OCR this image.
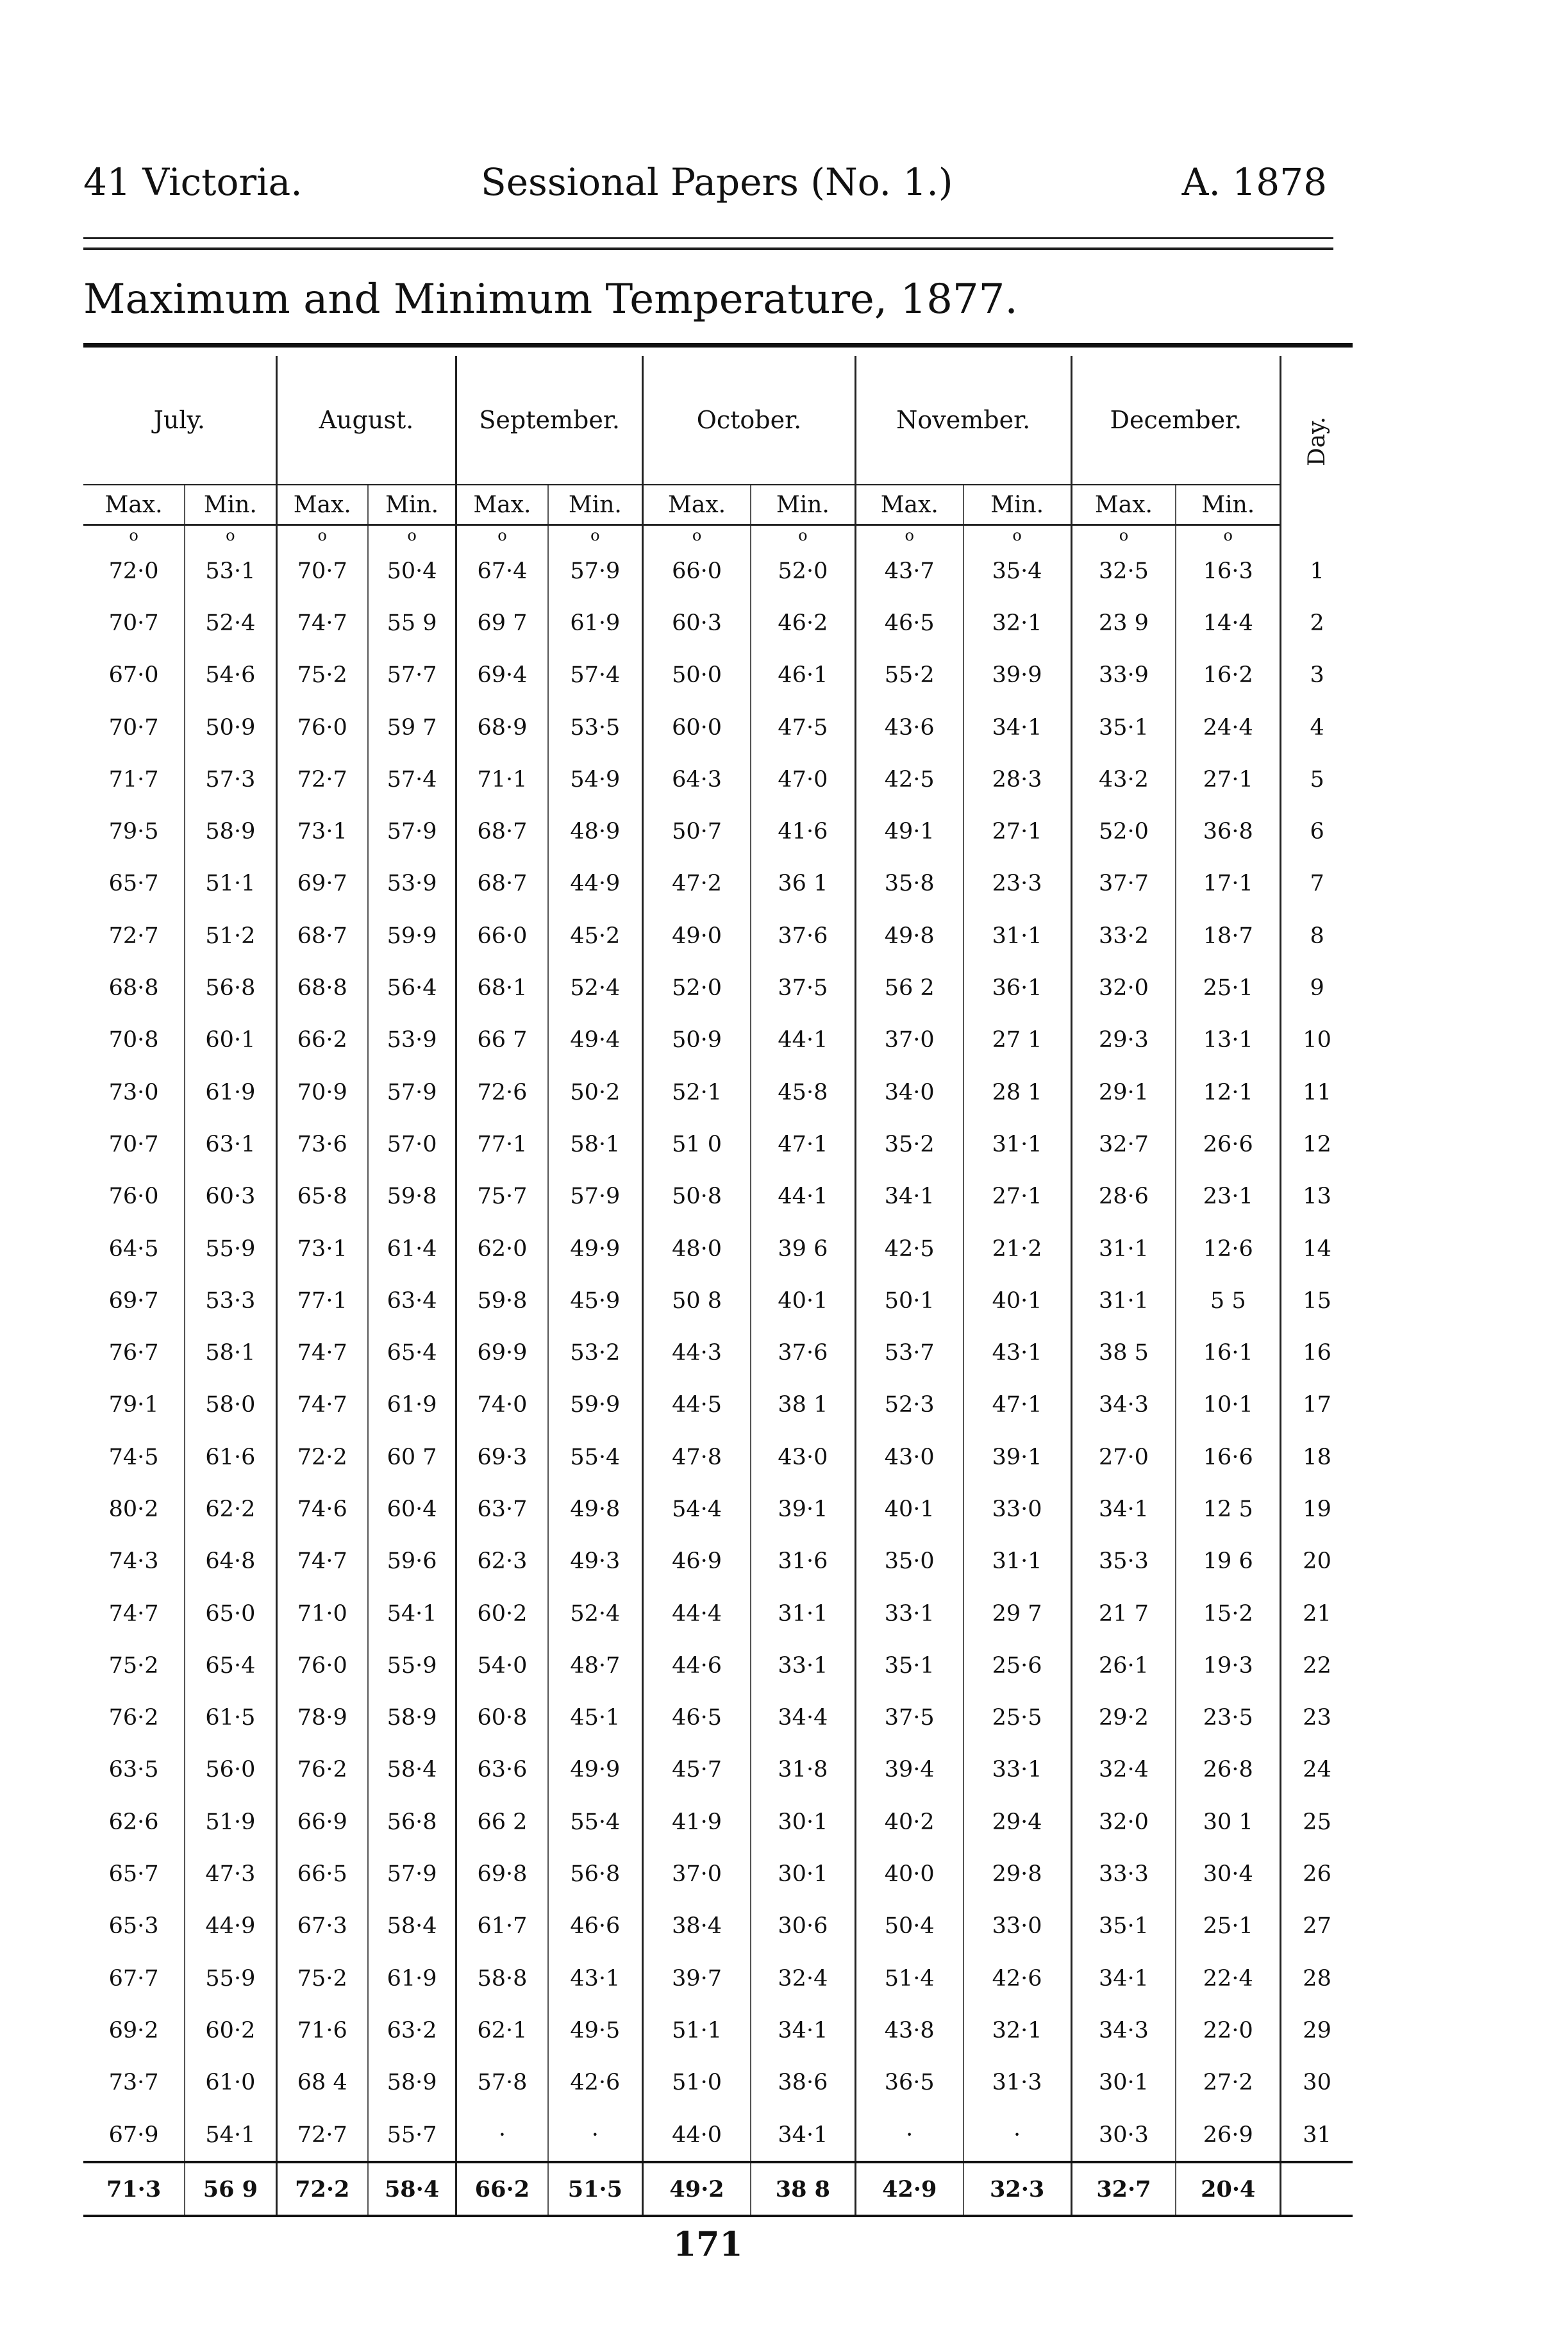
41 Victoria.	Sessional Papers (No. 1.)	A. 1878
Maximum and Minimum Temperature, 1877.
July.		August.		September.		October.		November.		December.		Day.
Max.	Min.	Max.	Min.	Max.	Min.	Max.	Min.	Max.	Min.	Max.	Min.	
o	o	o	o	o	o	o	o	o	o	o	o	
72·0	53·1	70·7	50·4	67·4	57·9	66·0	52·0	43·7	35·4	32·5	16·3	1
70·7	52·4	74·7	55 9	69 7	61·9	60·3	46·2	46·5	32·1	23 9	14·4	2
67·0	54·6	75·2	57·7	69·4	57·4	50·0	46·1	55·2	39·9	33·9	16·2	3
70·7	50·9	76·0	59 7	68·9	53·5	60·0	47·5	43·6	34·1	35·1	24·4	4
71·7	57·3	72·7	57·4	71·1	54·9	64·3	47·0	42·5	28·3	43·2	27·1	5
79·5	58·9	73·1	57·9	68·7	48·9	50·7	41·6	49·1	27·1	52·0	36·8	6
65·7	51·1	69·7	53·9	68·7	44·9	47·2	36 1	35·8	23·3	37·7	17·1	7
72·7	51·2	68·7	59·9	66·0	45·2	49·0	37·6	49·8	31·1	33·2	18·7	8
68·8	56·8	68·8	56·4	68·1	52·4	52·0	37·5	56 2	36·1	32·0	25·1	9
70·8	60·1	66·2	53·9	66 7	49·4	50·9	44·1	37·0	27 1	29·3	13·1	10
73·0	61·9	70·9	57·9	72·6	50·2	52·1	45·8	34·0	28 1	29·1	12·1	11
70·7	63·1	73·6	57·0	77·1	58·1	51 0	47·1	35·2	31·1	32·7	26·6	12
76·0	60·3	65·8	59·8	75·7	57·9	50·8	44·1	34·1	27·1	28·6	23·1	13
64·5	55·9	73·1	61·4	62·0	49·9	48·0	39 6	42·5	21·2	31·1	12·6	14
69·7	53·3	77·1	63·4	59·8	45·9	50 8	40·1	50·1	40·1	31·1	5 5	15
76·7	58·1	74·7	65·4	69·9	53·2	44·3	37·6	53·7	43·1	38 5	16·1	16
79·1	58·0	74·7	61·9	74·0	59·9	44·5	38 1	52·3	47·1	34·3	10·1	17
74·5	61·6	72·2	60 7	69·3	55·4	47·8	43·0	43·0	39·1	27·0	16·6	18
80·2	62·2	74·6	60·4	63·7	49·8	54·4	39·1	40·1	33·0	34·1	12 5	19
74·3	64·8	74·7	59·6	62·3	49·3	46·9	31·6	35·0	31·1	35·3	19 6	20
74·7	65·0	71·0	54·1	60·2	52·4	44·4	31·1	33·1	29 7	21 7	15·2	21
75·2	65·4	76·0	55·9	54·0	48·7	44·6	33·1	35·1	25·6	26·1	19·3	22
76·2	61·5	78·9	58·9	60·8	45·1	46·5	34·4	37·5	25·5	29·2	23·5	23
63·5	56·0	76·2	58·4	63·6	49·9	45·7	31·8	39·4	33·1	32·4	26·8	24
62·6	51·9	66·9	56·8	66 2	55·4	41·9	30·1	40·2	29·4	32·0	30 1	25
65·7	47·3	66·5	57·9	69·8	56·8	37·0	30·1	40·0	29·8	33·3	30·4	26
65·3	44·9	67·3	58·4	61·7	46·6	38·4	30·6	50·4	33·0	35·1	25·1	27
67·7	55·9	75·2	61·9	58·8	43·1	39·7	32·4	51·4	42·6	34·1	22·4	28
69·2	60·2	71·6	63·2	62·1	49·5	51·1	34·1	43·8	32·1	34·3	22·0	29
73·7	61·0	68 4	58·9	57·8	42·6	51·0	38·6	36·5	31·3	30·1	27·2	30
67·9	54·1	72·7	55·7	·	·	44·0	34·1	·	·	30·3	26·9	31
71·3	56 9	72·2	58·4	66·2	51·5	49·2	38 8	42·9	32·3	32·7	20·4	
171
